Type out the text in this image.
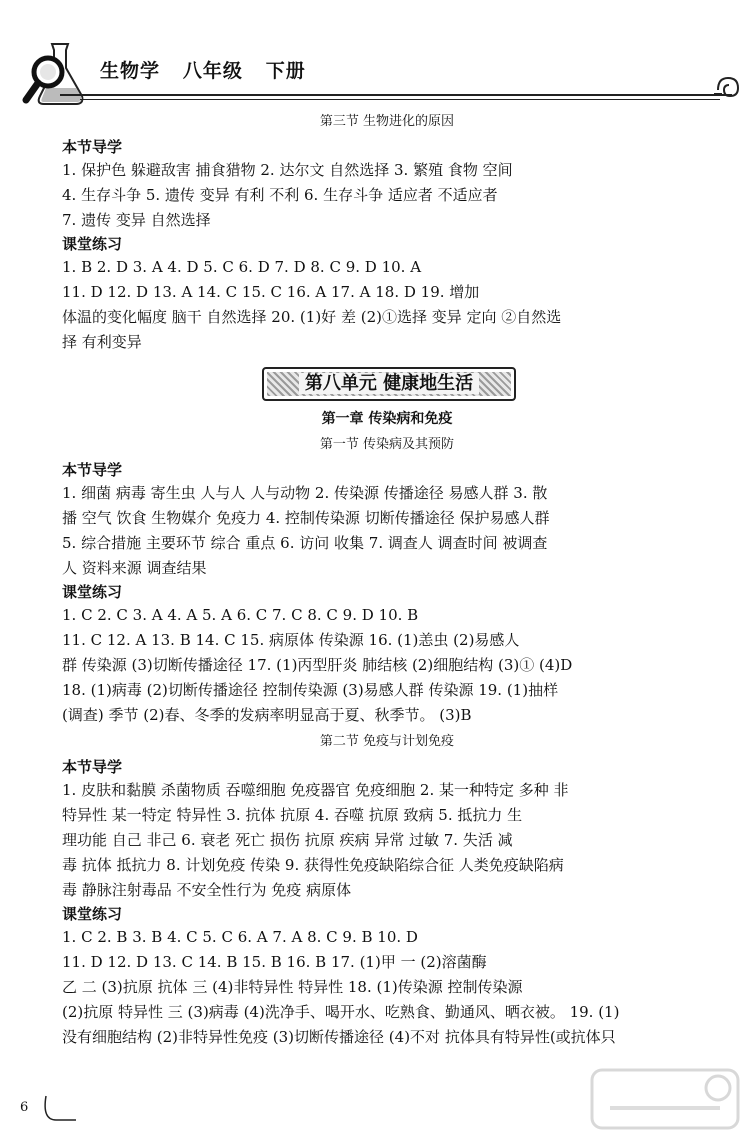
生物学   八年级   下册
第三节 生物进化的原因
本节导学
1. 保护色 躲避敌害 捕食猎物 2. 达尔文 自然选择 3. 繁殖 食物 空间
4. 生存斗争 5. 遗传 变异 有利 不利 6. 生存斗争 适应者 不适应者
7. 遗传 变异 自然选择
课堂练习
1. B 2. D 3. A 4. D 5. C 6. D 7. D 8. C 9. D 10. A
11. D 12. D 13. A 14. C 15. C 16. A 17. A 18. D 19. 增加
体温的变化幅度 脑干 自然选择 20. (1)好 差 (2)①选择 变异 定向 ②自然选
择 有利变异
第八单元 健康地生活
第一章 传染病和免疫
第一节 传染病及其预防
本节导学
1. 细菌 病毒 寄生虫 人与人 人与动物 2. 传染源 传播途径 易感人群 3. 散
播 空气 饮食 生物媒介 免疫力 4. 控制传染源 切断传播途径 保护易感人群
5. 综合措施 主要环节 综合 重点 6. 访问 收集 7. 调查人 调查时间 被调查
人 资料来源 调查结果
课堂练习
1. C 2. C 3. A 4. A 5. A 6. C 7. C 8. C 9. D 10. B
11. C 12. A 13. B 14. C 15. 病原体 传染源 16. (1)恙虫 (2)易感人
群 传染源 (3)切断传播途径 17. (1)丙型肝炎 肺结核 (2)细胞结构 (3)① (4)D
18. (1)病毒 (2)切断传播途径 控制传染源 (3)易感人群 传染源 19. (1)抽样
(调查) 季节 (2)春、冬季的发病率明显高于夏、秋季节。 (3)B
第二节 免疫与计划免疫
本节导学
1. 皮肤和黏膜 杀菌物质 吞噬细胞 免疫器官 免疫细胞 2. 某一种特定 多种 非
特异性 某一特定 特异性 3. 抗体 抗原 4. 吞噬 抗原 致病 5. 抵抗力 生
理功能 自己 非己 6. 衰老 死亡 损伤 抗原 疾病 异常 过敏 7. 失活 减
毒 抗体 抵抗力 8. 计划免疫 传染 9. 获得性免疫缺陷综合征 人类免疫缺陷病
毒 静脉注射毒品 不安全性行为 免疫 病原体
课堂练习
1. C 2. B 3. B 4. C 5. C 6. A 7. A 8. C 9. B 10. D
11. D 12. D 13. C 14. B 15. B 16. B 17. (1)甲 一 (2)溶菌酶
乙 二 (3)抗原 抗体 三 (4)非特异性 特异性 18. (1)传染源 控制传染源
(2)抗原 特异性 三 (3)病毒 (4)洗净手、喝开水、吃熟食、勤通风、晒衣被。 19. (1)
没有细胞结构 (2)非特异性免疫 (3)切断传播途径 (4)不对 抗体具有特异性(或抗体只
6
